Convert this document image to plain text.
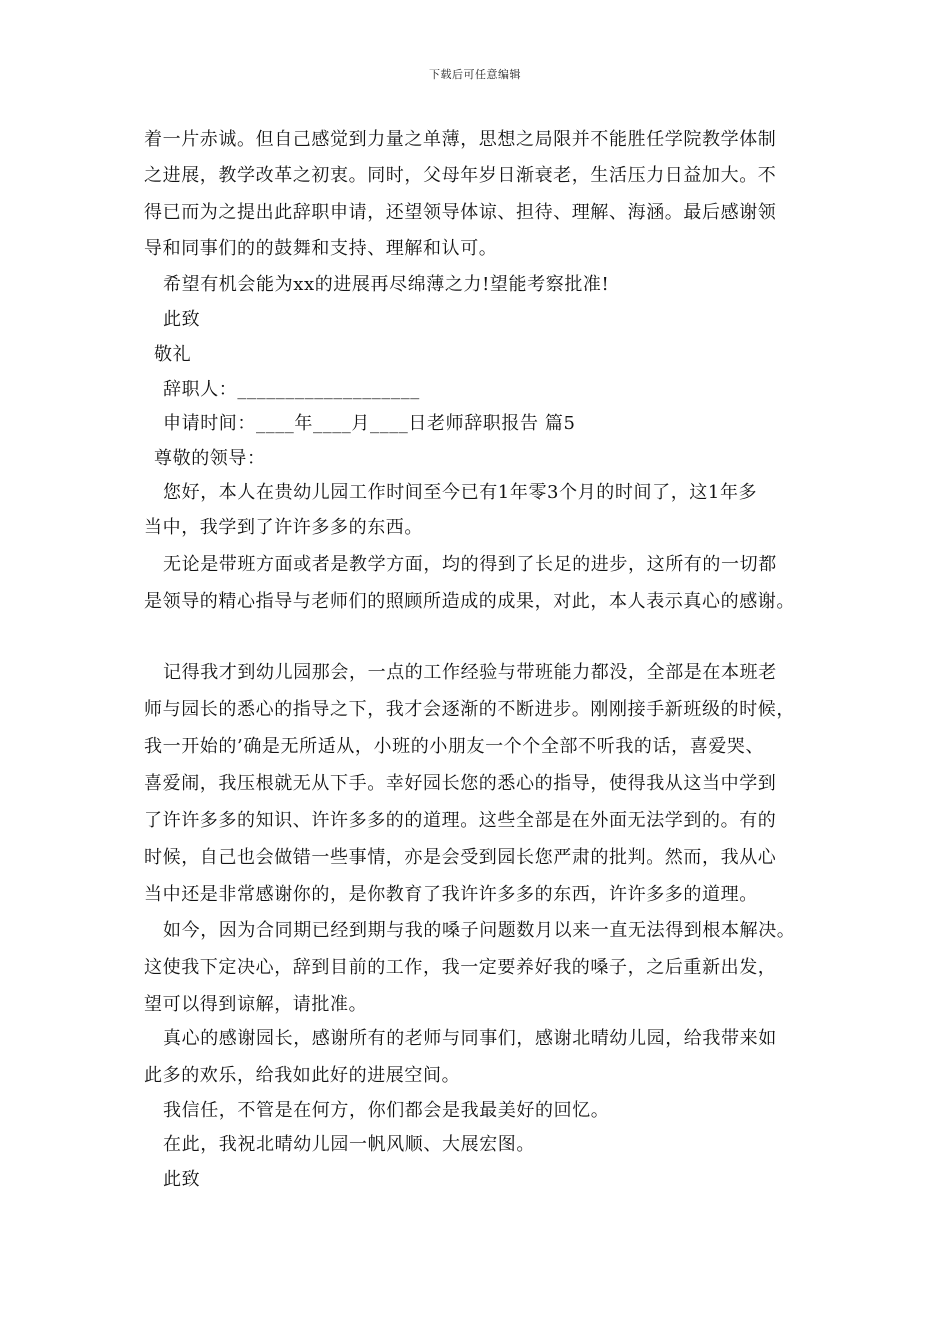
下载后可任意编辑
着一片赤诚。但自己感觉到力量之单薄，思想之局限并不能胜任学院教学体制
之进展，教学改革之初衷。同时，父母年岁日渐衰老，生活压力日益加大。不
得已而为之提出此辞职申请，还望领导体谅、担待、理解、海涵。最后感谢领
导和同事们的的鼓舞和支持、理解和认可。
希望有机会能为xx的进展再尽绵薄之力!望能考察批准!
此致
敬礼
辞职人：___________________
申请时间：____年____月____日老师辞职报告 篇5
尊敬的领导：
您好，本人在贵幼儿园工作时间至今已有1年零3个月的时间了，这1年多
当中，我学到了许许多多的东西。
无论是带班方面或者是教学方面，均的得到了长足的进步，这所有的一切都
是领导的精心指导与老师们的照顾所造成的成果，对此，本人表示真心的感谢。
记得我才到幼儿园那会，一点的工作经验与带班能力都没，全部是在本班老
师与园长的悉心的指导之下，我才会逐渐的不断进步。刚刚接手新班级的时候，
我一开始的’确是无所适从，小班的小朋友一个个全部不听我的话，喜爱哭、
喜爱闹，我压根就无从下手。幸好园长您的悉心的指导，使得我从这当中学到
了许许多多的知识、许许多多的的道理。这些全部是在外面无法学到的。有的
时候，自己也会做错一些事情，亦是会受到园长您严肃的批判。然而，我从心
当中还是非常感谢你的，是你教育了我许许多多的东西，许许多多的道理。
如今，因为合同期已经到期与我的嗓子问题数月以来一直无法得到根本解决。
这使我下定决心，辞到目前的工作，我一定要养好我的嗓子，之后重新出发，
望可以得到谅解，请批准。
真心的感谢园长，感谢所有的老师与同事们，感谢北晴幼儿园，给我带来如
此多的欢乐，给我如此好的进展空间。
我信任，不管是在何方，你们都会是我最美好的回忆。
在此，我祝北晴幼儿园一帆风顺、大展宏图。
此致
